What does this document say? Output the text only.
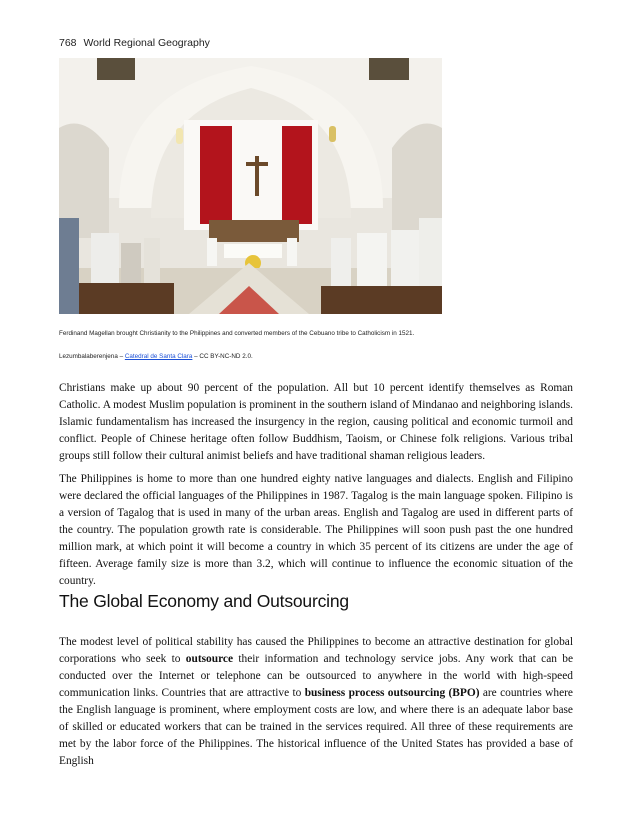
768 World Regional Geography
Ferdinand Magellan brought Christianity to the Philippines and converted members of the Cebuano tribe to Catholicism in 1521.
Lezumbalaberenjena – Catedral de Santa Clara – CC BY-NC-ND 2.0.

Christians make up about 90 percent of the population. All but 10 percent identify themselves as Roman Catholic. A modest Muslim population is prominent in the southern island of Mindanao and neighboring islands. Islamic fundamentalism has increased the insurgency in the region, causing political and economic turmoil and conflict. People of Chinese heritage often follow Buddhism, Taoism, or Chinese folk religions. Various tribal groups still follow their cultural animist beliefs and have traditional shaman religious leaders.

The Philippines is home to more than one hundred eighty native languages and dialects. English and Filipino were declared the official languages of the Philippines in 1987. Tagalog is the main language spoken. Filipino is a version of Tagalog that is used in many of the urban areas. English and Tagalog are used in different parts of the country. The population growth rate is considerable. The Philippines will soon push past the one hundred million mark, at which point it will become a country in which 35 percent of its citizens are under the age of fifteen. Average family size is more than 3.2, which will continue to influence the economic situation of the country.

The Global Economy and Outsourcing

The modest level of political stability has caused the Philippines to become an attractive destination for global corporations who seek to outsource their information and technology service jobs. Any work that can be conducted over the Internet or telephone can be outsourced to anywhere in the world with high-speed communication links. Countries that are attractive to business process outsourcing (BPO) are countries where the English language is prominent, where employment costs are low, and where there is an adequate labor base of skilled or educated workers that can be trained in the services required. All three of these requirements are met by the labor force of the Philippines. The historical influence of the United States has provided a base of English
